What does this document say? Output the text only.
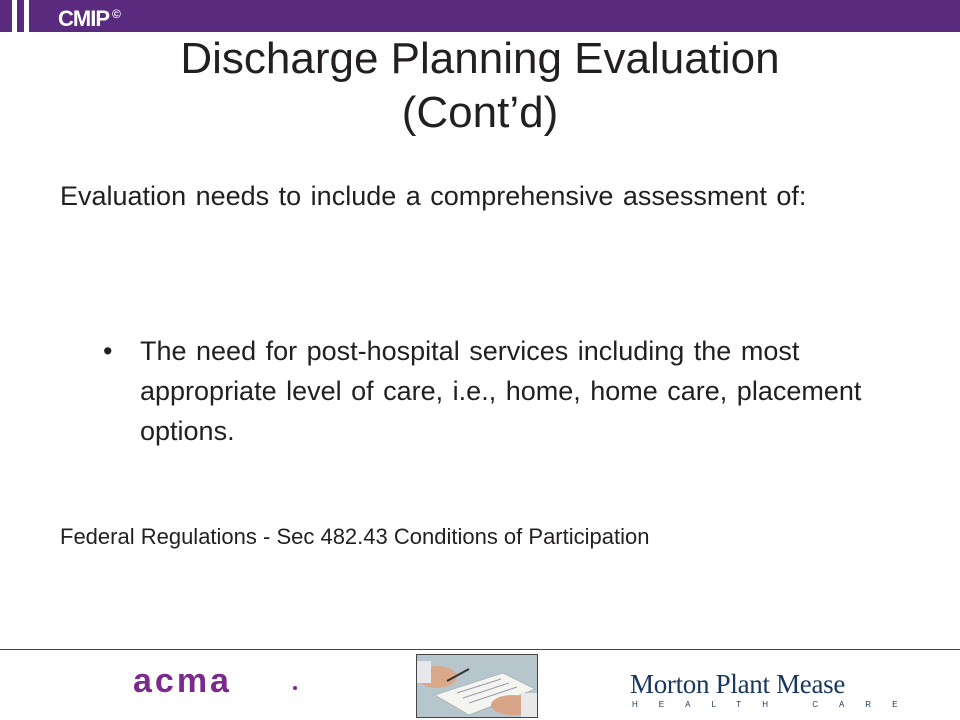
CMIP ©
Discharge Planning Evaluation
(Cont’d)
Evaluation needs to include a comprehensive assessment of:
• The need for post-hospital services including the most appropriate level of care, i.e., home, home care, placement options.
Federal Regulations - Sec 482.43 Conditions of Participation
acma	Morton Plant Mease
HEALTH CARE
